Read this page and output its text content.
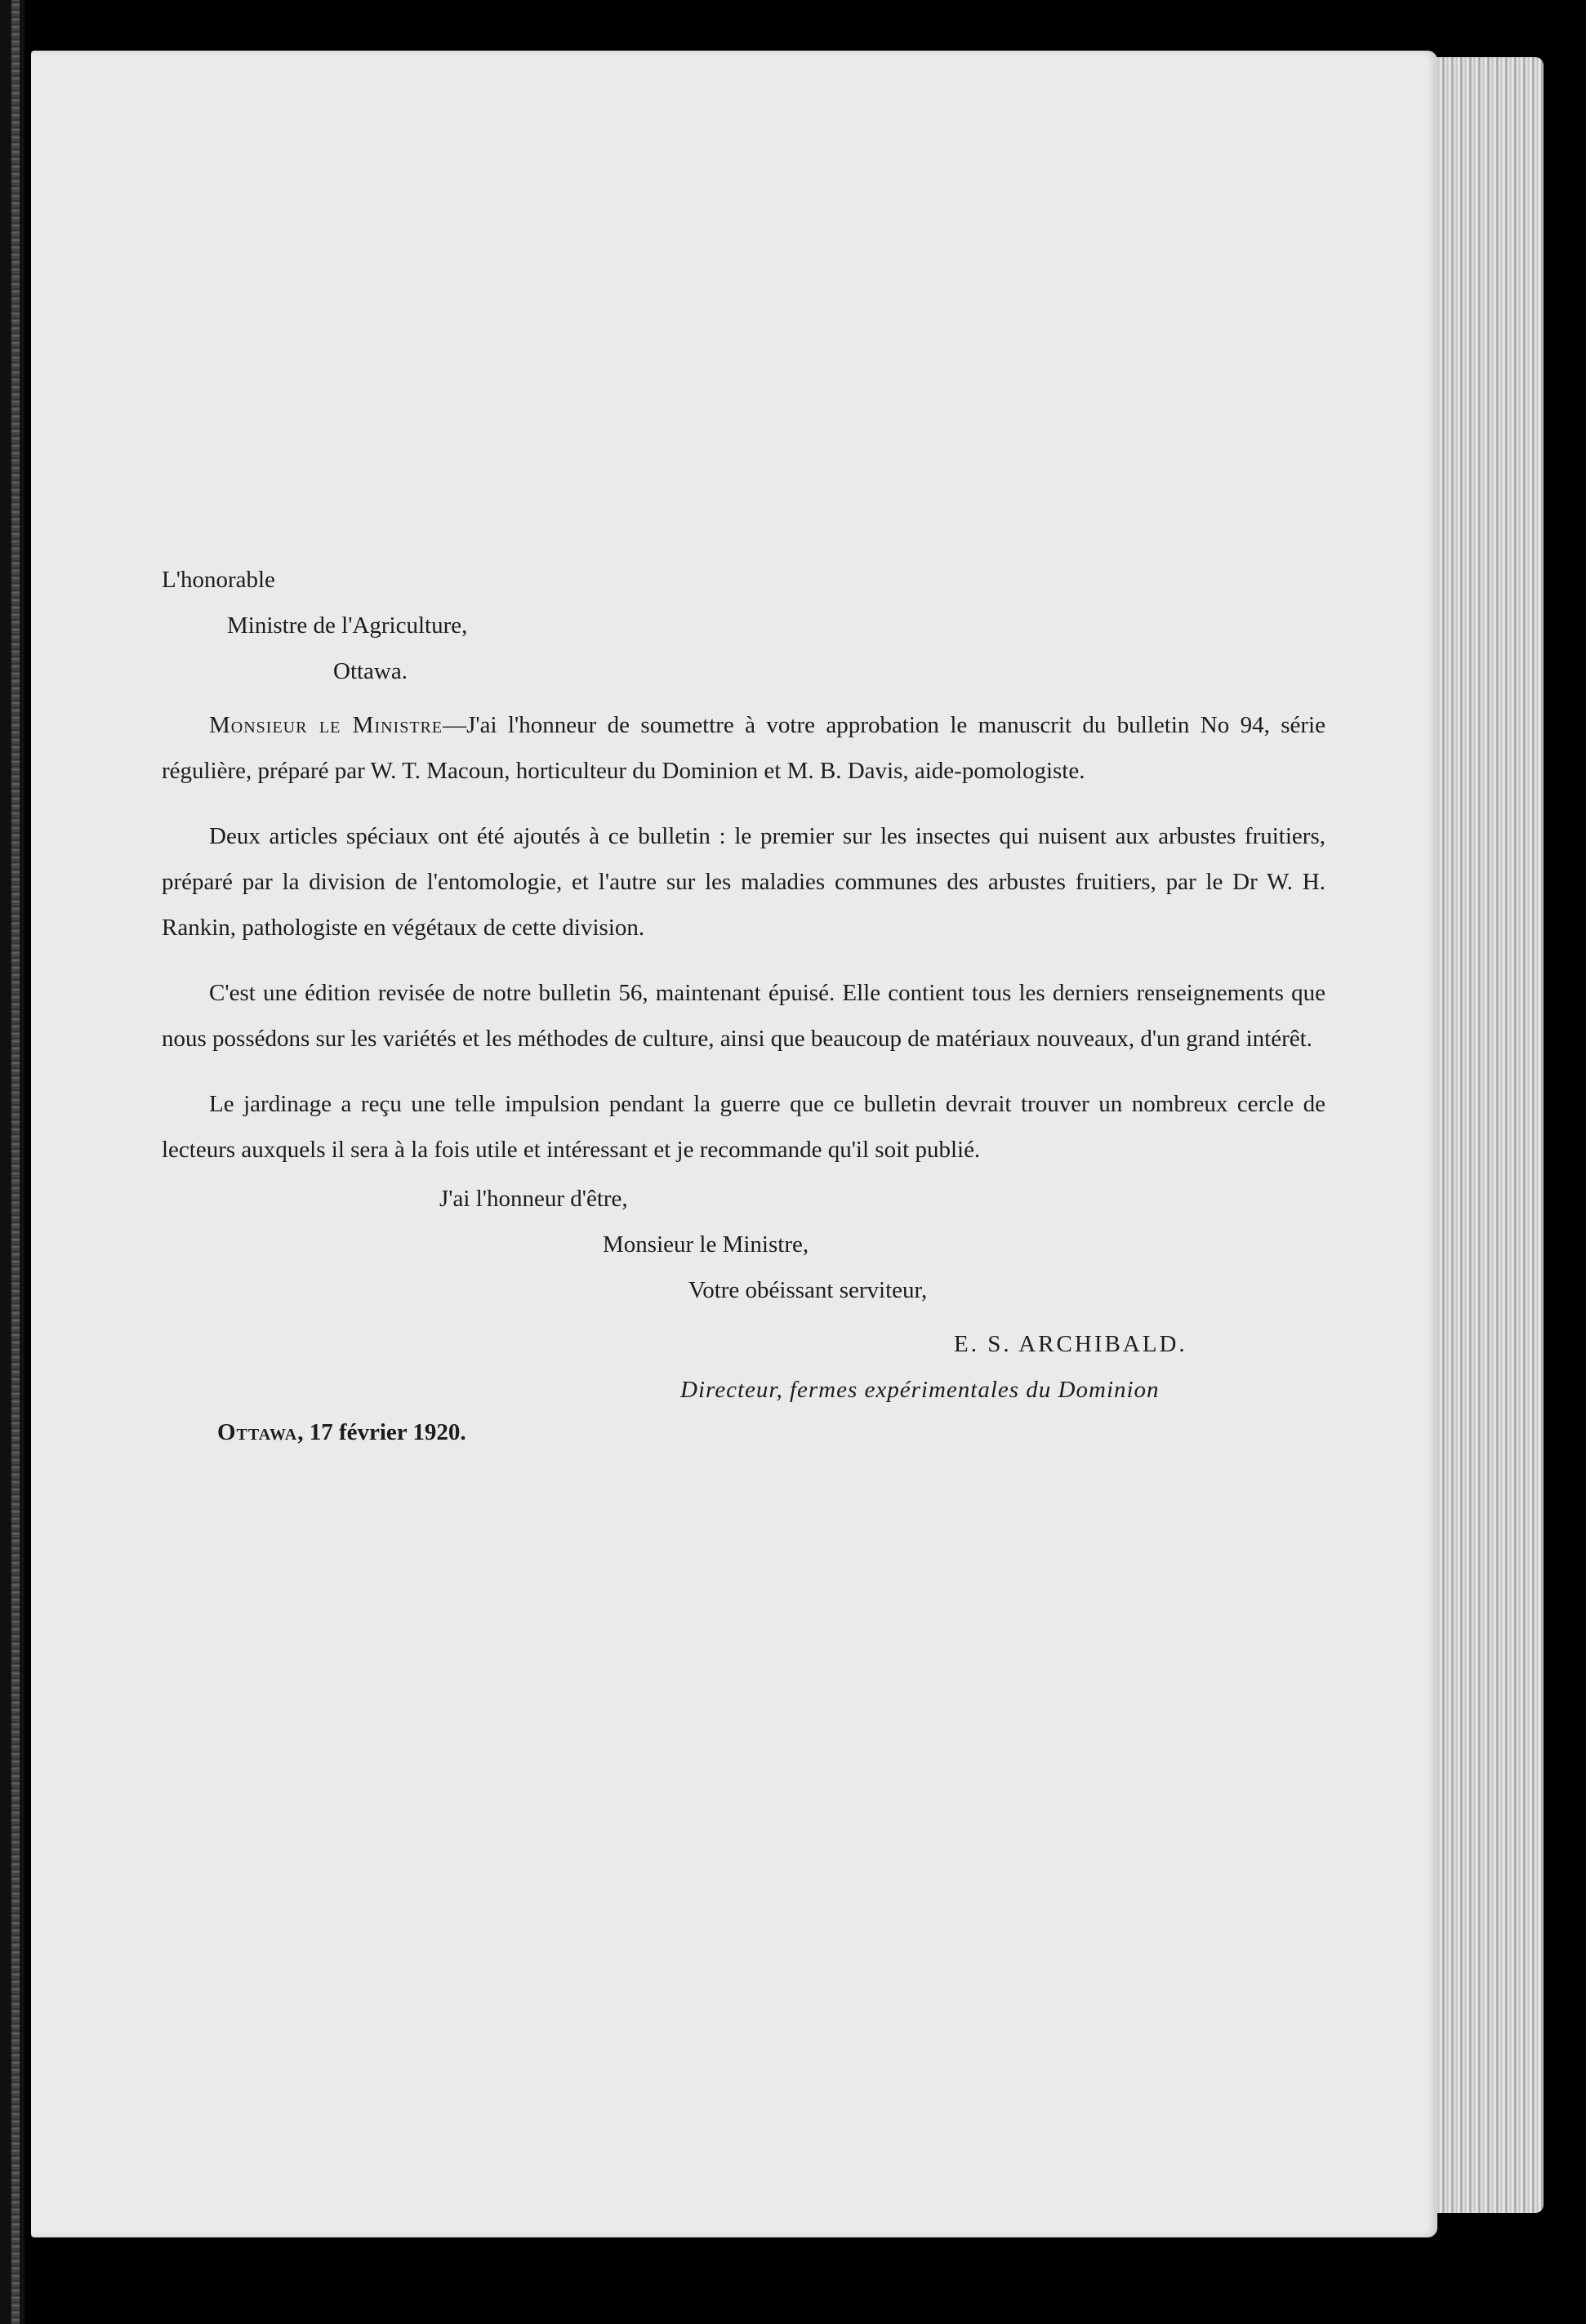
L'honorable

Ministre de l'Agriculture,

Ottawa.

Monsieur le Ministre—J'ai l'honneur de soumettre à votre approbation le manuscrit du bulletin No 94, série régulière, préparé par W. T. Macoun, horticulteur du Dominion et M. B. Davis, aide-pomologiste.

Deux articles spéciaux ont été ajoutés à ce bulletin : le premier sur les insectes qui nuisent aux arbustes fruitiers, préparé par la division de l'entomologie, et l'autre sur les maladies communes des arbustes fruitiers, par le Dr W. H. Rankin, pathologiste en végétaux de cette division.

C'est une édition revisée de notre bulletin 56, maintenant épuisé. Elle contient tous les derniers renseignements que nous possédons sur les variétés et les méthodes de culture, ainsi que beaucoup de matériaux nouveaux, d'un grand intérêt.

Le jardinage a reçu une telle impulsion pendant la guerre que ce bulletin devrait trouver un nombreux cercle de lecteurs auxquels il sera à la fois utile et intéressant et je recommande qu'il soit publié.

J'ai l'honneur d'être,

Monsieur le Ministre,

Votre obéissant serviteur,

E. S. ARCHIBALD.

Directeur, fermes expérimentales du Dominion

Ottawa, 17 février 1920.
